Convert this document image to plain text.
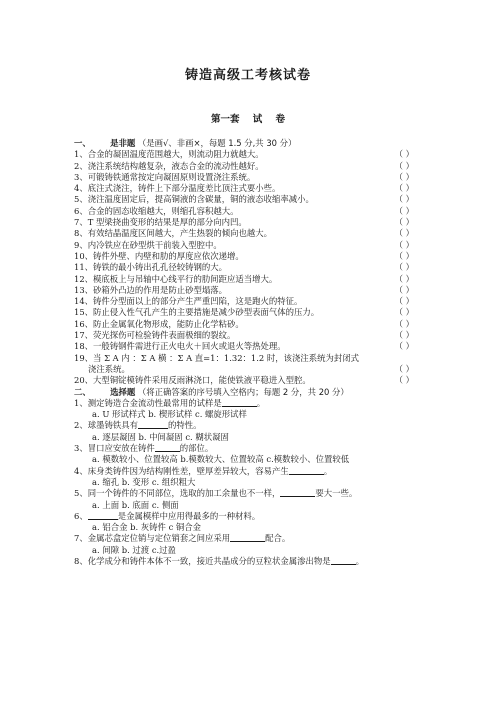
铸造高级工考核试卷
第一套 试 卷
一、 是非题 （是画√、非画×，每题 1.5 分,共 30 分）
1、合金的凝固温度范围越大，则流动阻力就越大。	（ ）
2、浇注系统结构越复杂，液态合金的流动性越好。	（ ）
3、可锻铸铁通常按定向凝固原则设置浇注系统。	（ ）
4、底注式浇注，铸件上下部分温度差比顶注式要小些。	（ ）
5、浇注温度固定后，提高铜液的含碳量，铜的液态收缩率减小。	（ ）
6、合金的固态收缩越大，则缩孔容积越大。	（ ）
7、T 型梁挠曲变形的结果是厚的部分向内凹。	（ ）
8、有效结晶温度区间越大，产生热裂的倾向也越大。	（ ）
9、内冷铁应在砂型烘干前装入型腔中。	（ ）
10、铸件外壁、内壁和肋的厚度应依次递增。	（ ）
11、铸铁的最小铸出孔孔径较铸钢的大。	（ ）
12、模底板上与吊轴中心线平行的肋间距应适当增大。	（ ）
13、砂箱外凸边的作用是防止砂型塌落。	（ ）
14、铸件分型面以上的部分产生严重凹陷，这是跑火的特征。	（ ）
15、防止侵入性气孔产生的主要措施是减少砂型表面气体的压力。	（ ）
16、防止金属氧化物形成，能防止化学粘砂。	（ ）
17、荧光探伤可检验铸件表面极细的裂纹。	（ ）
18、一般铸钢件需进行正火电火＋回火或退火等热处理。	（ ）
19、当 Σ A 内 ：Σ A 横 ：Σ A 直=1：1.32：1.2 时，该浇注系统为封闭式
浇注系统。	（ ）
20、大型铜锭模铸件采用反雨淋浇口，能使铁液平稳进入型腔。	（ ）
二、 选择题 （将正确答案的序号填入空格内；每题 2 分，共 20 分）
1、测定铸造合金流动性最常用的试样是	。
a. U 形试样式 b. 楔形试样 c. 螺旋形试样
2、球墨铸铁具有	的特性。
a. 逐层凝固 b. 中间凝固 c. 糊状凝固
3、冒口应安放在铸件	的部位。
a. 模数较小、位置较高 b.模数较大、位置较高 c.模数较小、位置较低
4、床身类铸件因为结构刚性差，壁厚差异较大，容易产生	。
a. 缩孔 b. 变形 c. 组织粗大
5、同一个铸件的不同部位，选取的加工余量也不一样，	要大一些。
a. 上面 b. 底面 c. 侧面
6、	是金属模样中应用得最多的一种材料。
a. 铝合金 b. 灰铸件 c 铜合金
7、金属芯盒定位销与定位销套之间应采用	配合。
a. 间隙 b. 过渡 c.过盈
8、化学成分和铸件本体不一致，接近共晶成分的豆粒状金属渗出物是	。
